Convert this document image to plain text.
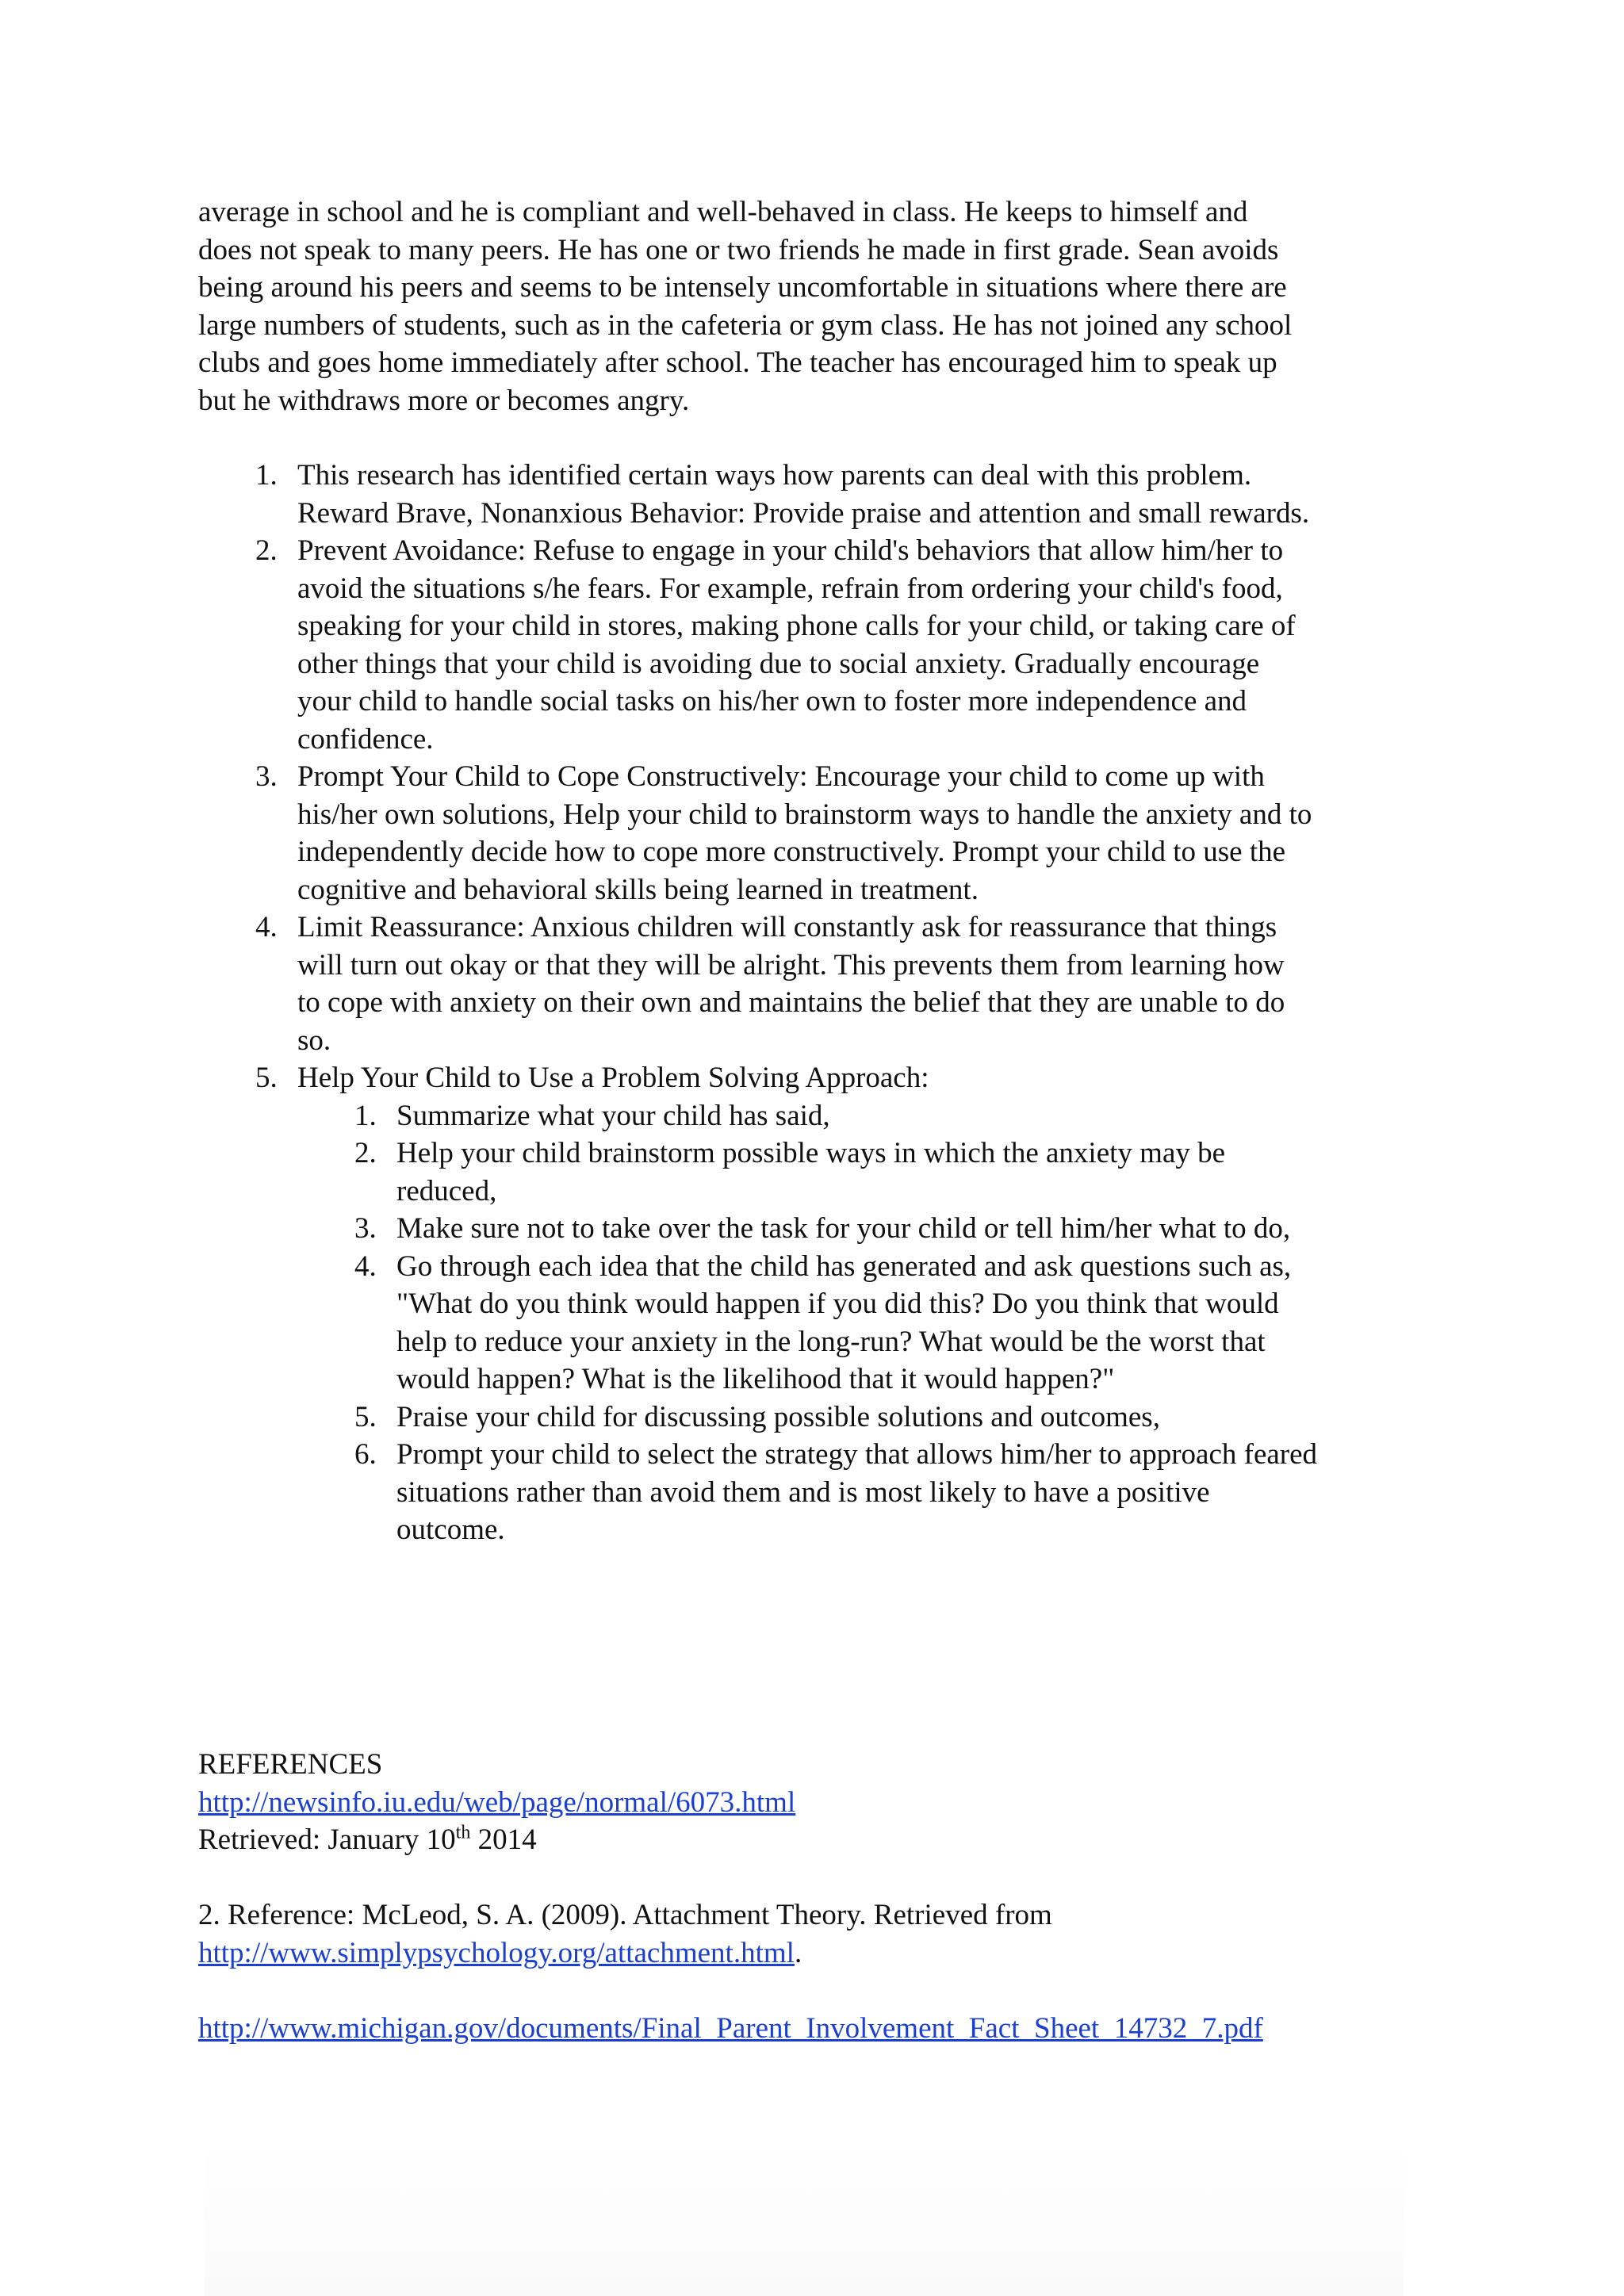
average in school and he is compliant and well-behaved in class. He keeps to himself and
does not speak to many peers. He has one or two friends he made in first grade. Sean avoids
being around his peers and seems to be intensely uncomfortable in situations where there are
large numbers of students, such as in the cafeteria or gym class. He has not joined any school
clubs and goes home immediately after school. The teacher has encouraged him to speak up
but he withdraws more or becomes angry.

1. This research has identified certain ways how parents can deal with this problem.
Reward Brave, Nonanxious Behavior: Provide praise and attention and small rewards.
2. Prevent Avoidance: Refuse to engage in your child's behaviors that allow him/her to
avoid the situations s/he fears. For example, refrain from ordering your child's food,
speaking for your child in stores, making phone calls for your child, or taking care of
other things that your child is avoiding due to social anxiety. Gradually encourage
your child to handle social tasks on his/her own to foster more independence and
confidence.
3. Prompt Your Child to Cope Constructively: Encourage your child to come up with
his/her own solutions, Help your child to brainstorm ways to handle the anxiety and to
independently decide how to cope more constructively. Prompt your child to use the
cognitive and behavioral skills being learned in treatment.
4. Limit Reassurance: Anxious children will constantly ask for reassurance that things
will turn out okay or that they will be alright. This prevents them from learning how
to cope with anxiety on their own and maintains the belief that they are unable to do
so.
5. Help Your Child to Use a Problem Solving Approach:
1. Summarize what your child has said,
2. Help your child brainstorm possible ways in which the anxiety may be
reduced,
3. Make sure not to take over the task for your child or tell him/her what to do,
4. Go through each idea that the child has generated and ask questions such as,
"What do you think would happen if you did this? Do you think that would
help to reduce your anxiety in the long-run? What would be the worst that
would happen? What is the likelihood that it would happen?"
5. Praise your child for discussing possible solutions and outcomes,
6. Prompt your child to select the strategy that allows him/her to approach feared
situations rather than avoid them and is most likely to have a positive
outcome.

REFERENCES

http://newsinfo.iu.edu/web/page/normal/6073.html

Retrieved: January 10th 2014

2. Reference: McLeod, S. A. (2009). Attachment Theory. Retrieved from

http://www.simplypsychology.org/attachment.html.

http://www.michigan.gov/documents/Final_Parent_Involvement_Fact_Sheet_14732_7.pdf
